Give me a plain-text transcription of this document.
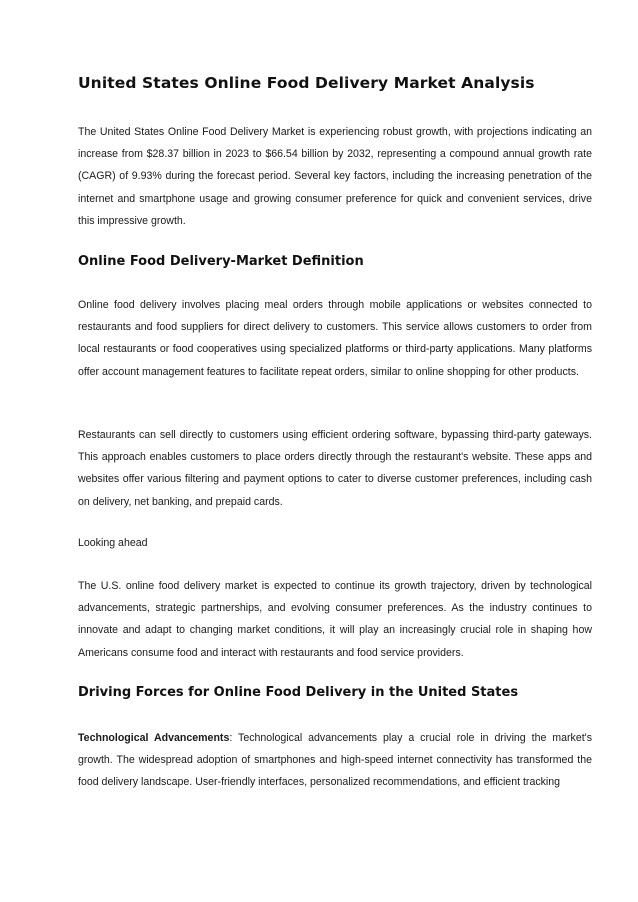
United States Online Food Delivery Market Analysis

The United States Online Food Delivery Market is experiencing robust growth, with projections indicating an increase from $28.37 billion in 2023 to $66.54 billion by 2032, representing a compound annual growth rate (CAGR) of 9.93% during the forecast period. Several key factors, including the increasing penetration of the internet and smartphone usage and growing consumer preference for quick and convenient services, drive this impressive growth.

Online Food Delivery-Market Definition

Online food delivery involves placing meal orders through mobile applications or websites connected to restaurants and food suppliers for direct delivery to customers. This service allows customers to order from local restaurants or food cooperatives using specialized platforms or third-party applications. Many platforms offer account management features to facilitate repeat orders, similar to online shopping for other products.

Restaurants can sell directly to customers using efficient ordering software, bypassing third-party gateways. This approach enables customers to place orders directly through the restaurant's website. These apps and websites offer various filtering and payment options to cater to diverse customer preferences, including cash on delivery, net banking, and prepaid cards.

Looking ahead

The U.S. online food delivery market is expected to continue its growth trajectory, driven by technological advancements, strategic partnerships, and evolving consumer preferences. As the industry continues to innovate and adapt to changing market conditions, it will play an increasingly crucial role in shaping how Americans consume food and interact with restaurants and food service providers.

Driving Forces for Online Food Delivery in the United States

Technological Advancements: Technological advancements play a crucial role in driving the market's growth. The widespread adoption of smartphones and high-speed internet connectivity has transformed the food delivery landscape. User-friendly interfaces, personalized recommendations, and efficient tracking
